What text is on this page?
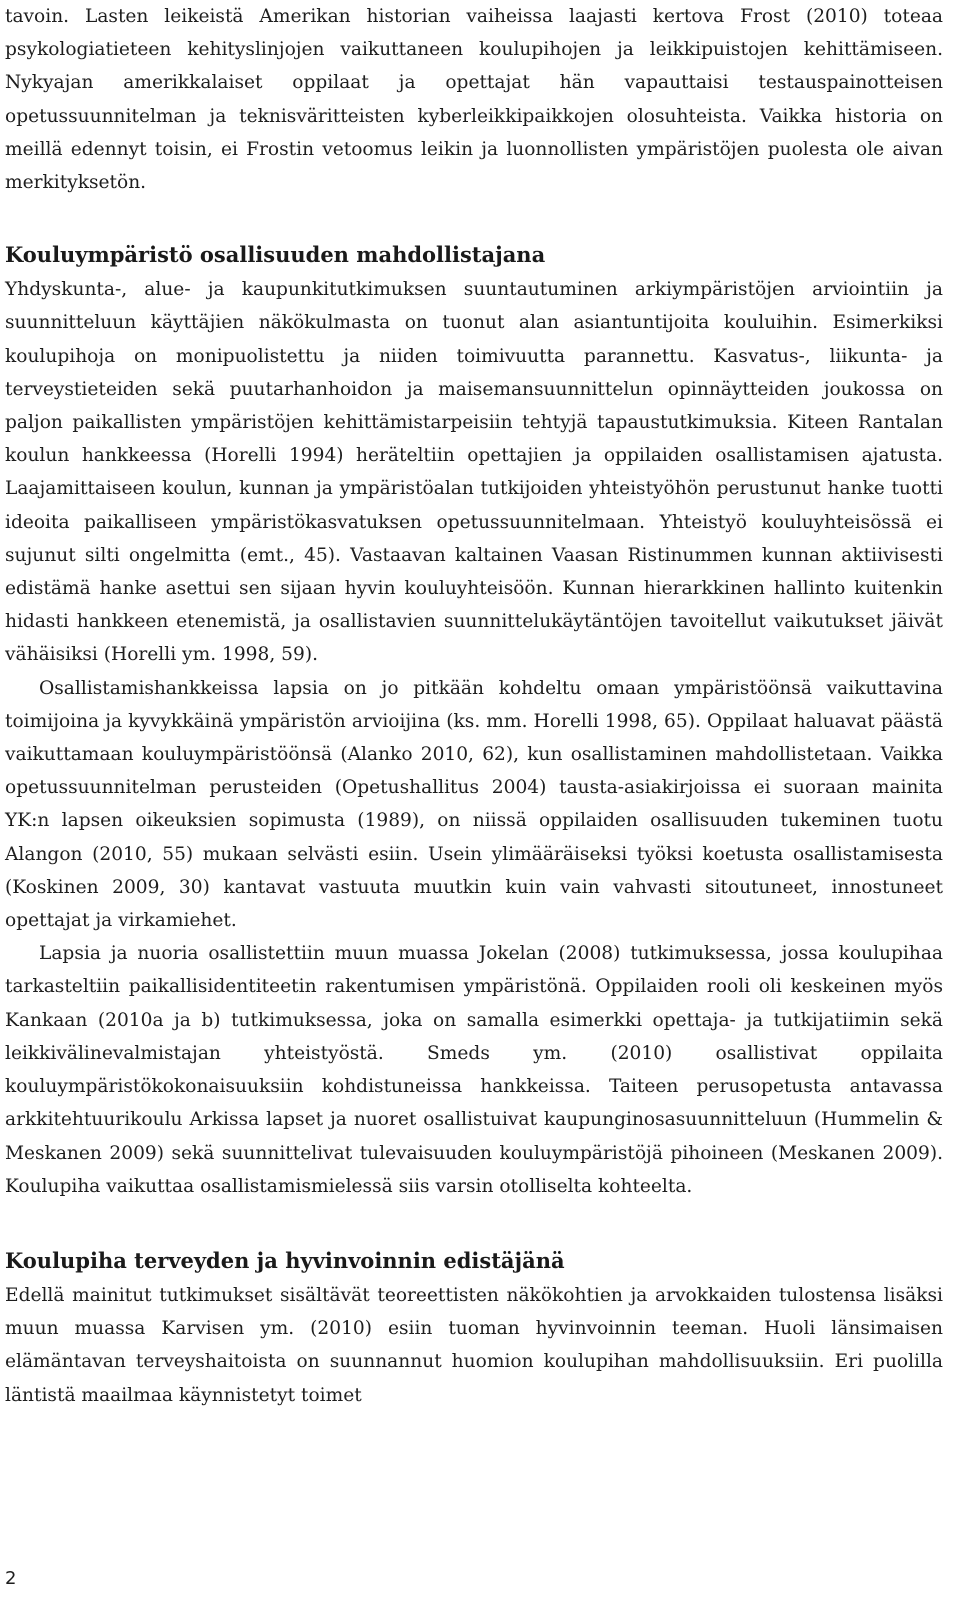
tavoin. Lasten leikeistä Amerikan historian vaiheissa laajasti kertova Frost (2010) toteaa psykologiatieteen kehityslinjojen vaikuttaneen koulupihojen ja leikkipuistojen kehittämiseen. Nykyajan amerikkalaiset oppilaat ja opettajat hän vapauttaisi testauspainotteisen opetussuunnitelman ja teknisväritteisten kyberleikkipaikkojen olosuhteista. Vaikka historia on meillä edennyt toisin, ei Frostin vetoomus leikin ja luonnollisten ympäristöjen puolesta ole aivan merkityksetön.

Kouluympäristö osallisuuden mahdollistajana

Yhdyskunta-, alue- ja kaupunkitutkimuksen suuntautuminen arkiympäristöjen arviointiin ja suunnitteluun käyttäjien näkökulmasta on tuonut alan asiantuntijoita kouluihin. Esimerkiksi koulupihoja on monipuolistettu ja niiden toimivuutta parannettu. Kasvatus-, liikunta- ja terveystieteiden sekä puutarhanhoidon ja maisemansuunnittelun opinnäytteiden joukossa on paljon paikallisten ympäristöjen kehittämistarpeisiin tehtyjä tapaustutkimuksia. Kiteen Rantalan koulun hankkeessa (Horelli 1994) heräteltiin opettajien ja oppilaiden osallistamisen ajatusta. Laajamittaiseen koulun, kunnan ja ympäristöalan tutkijoiden yhteistyöhön perustunut hanke tuotti ideoita paikalliseen ympäristökasvatuksen opetussuunnitelmaan. Yhteistyö kouluyhteisössä ei sujunut silti ongelmitta (emt., 45). Vastaavan kaltainen Vaasan Ristinummen kunnan aktiivisesti edistämä hanke asettui sen sijaan hyvin kouluyhteisöön. Kunnan hierarkkinen hallinto kuitenkin hidasti hankkeen etenemistä, ja osallistavien suunnittelukäytäntöjen tavoitellut vaikutukset jäivät vähäisiksi (Horelli ym. 1998, 59).

Osallistamishankkeissa lapsia on jo pitkään kohdeltu omaan ympäristöönsä vaikuttavina toimijoina ja kyvykkäinä ympäristön arvioijina (ks. mm. Horelli 1998, 65). Oppilaat haluavat päästä vaikuttamaan kouluympäristöönsä (Alanko 2010, 62), kun osallistaminen mahdollistetaan. Vaikka opetussuunnitelman perusteiden (Opetushallitus 2004) tausta-asiakirjoissa ei suoraan mainita YK:n lapsen oikeuksien sopimusta (1989), on niissä oppilaiden osallisuuden tukeminen tuotu Alangon (2010, 55) mukaan selvästi esiin. Usein ylimääräiseksi työksi koetusta osallistamisesta (Koskinen 2009, 30) kantavat vastuuta muutkin kuin vain vahvasti sitoutuneet, innostuneet opettajat ja virkamiehet.

Lapsia ja nuoria osallistettiin muun muassa Jokelan (2008) tutkimuksessa, jossa koulupihaa tarkasteltiin paikallisidentiteetin rakentumisen ympäristönä. Oppilaiden rooli oli keskeinen myös Kankaan (2010a ja b) tutkimuksessa, joka on samalla esimerkki opettaja- ja tutkijatiimin sekä leikkivälinevalmistajan yhteistyöstä. Smeds ym. (2010) osallistivat oppilaita kouluympäristökokonaisuuksiin kohdistuneissa hankkeissa. Taiteen perusopetusta antavassa arkkitehtuurikoulu Arkissa lapset ja nuoret osallistuivat kaupunginosasuunnitteluun (Hummelin & Meskanen 2009) sekä suunnittelivat tulevaisuuden kouluympäristöjä pihoineen (Meskanen 2009). Koulupiha vaikuttaa osallistamismielessä siis varsin otolliselta kohteelta.

Koulupiha terveyden ja hyvinvoinnin edistäjänä

Edellä mainitut tutkimukset sisältävät teoreettisten näkökohtien ja arvokkaiden tulostensa lisäksi muun muassa Karvisen ym. (2010) esiin tuoman hyvinvoinnin teeman. Huoli länsimaisen elämäntavan terveyshaitoista on suunnannut huomion koulupihan mahdollisuuksiin. Eri puolilla läntistä maailmaa käynnistetyt toimet

2
